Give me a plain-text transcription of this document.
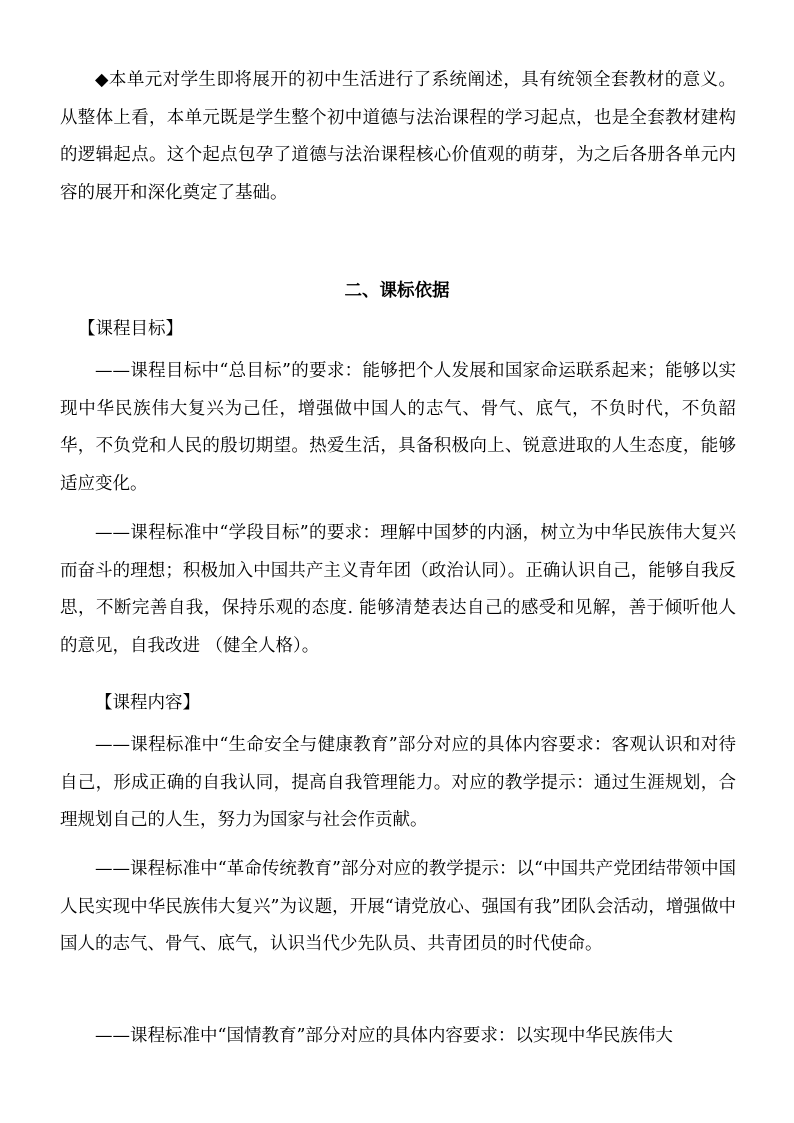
◆本单元对学生即将展开的初中生活进行了系统阐述，具有统领全套教材的意义。从整体上看，本单元既是学生整个初中道德与法治课程的学习起点，也是全套教材建构的逻辑起点。这个起点包孕了道德与法治课程核心价值观的萌芽，为之后各册各单元内容的展开和深化奠定了基础。

二、课标依据

【课程目标】

——课程目标中“总目标”的要求：能够把个人发展和国家命运联系起来；能够以实现中华民族伟大复兴为己任，增强做中国人的志气、骨气、底气，不负时代，不负韶华，不负党和人民的殷切期望。热爱生活，具备积极向上、锐意进取的人生态度，能够适应变化。

——课程标准中“学段目标”的要求：理解中国梦的内涵，树立为中华民族伟大复兴而奋斗的理想；积极加入中国共产主义青年团（政治认同）。正确认识自己，能够自我反思，不断完善自我，保持乐观的态度. 能够清楚表达自己的感受和见解，善于倾听他人的意见，自我改进 （健全人格）。

【课程内容】

——课程标准中“生命安全与健康教育”部分对应的具体内容要求：客观认识和对待自己，形成正确的自我认同，提高自我管理能力。对应的教学提示：通过生涯规划，合理规划自己的人生，努力为国家与社会作贡献。

——课程标准中“革命传统教育”部分对应的教学提示：以“中国共产党团结带领中国人民实现中华民族伟大复兴”为议题，开展“请党放心、强国有我”团队会活动，增强做中国人的志气、骨气、底气，认识当代少先队员、共青团员的时代使命。

——课程标准中“国情教育”部分对应的具体内容要求：以实现中华民族伟大
